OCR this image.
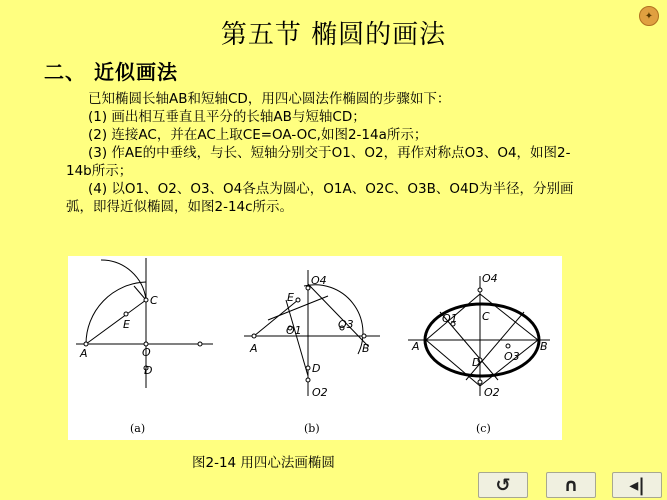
✦
第五节 椭圆的画法
二、 近似画法

已知椭圆长轴AB和短轴CD，用四心圆法作椭圆的步骤如下：

(1) 画出相互垂直且平分的长轴AB与短轴CD；

(2) 连接AC，并在AC上取CE=OA-OC,如图2-14a所示；

(3) 作AE的中垂线，与长、短轴分别交于O1、O2，再作对称点O3、O4，如图2-14b所示；

(4) 以O1、O2、O3、O4各点为圆心，O1A、O2C、O3B、O4D为半径，分别画弧，即得近似椭圆，如图2-14c所示。

A
C
E
O
D
O4
E
O1	O3
A	B
D
O2
O4
O1 C
A	B
D O3
O2
(a)	(b)	(c)
图2-14 用四心法画椭圆
↺	∩	◂|
